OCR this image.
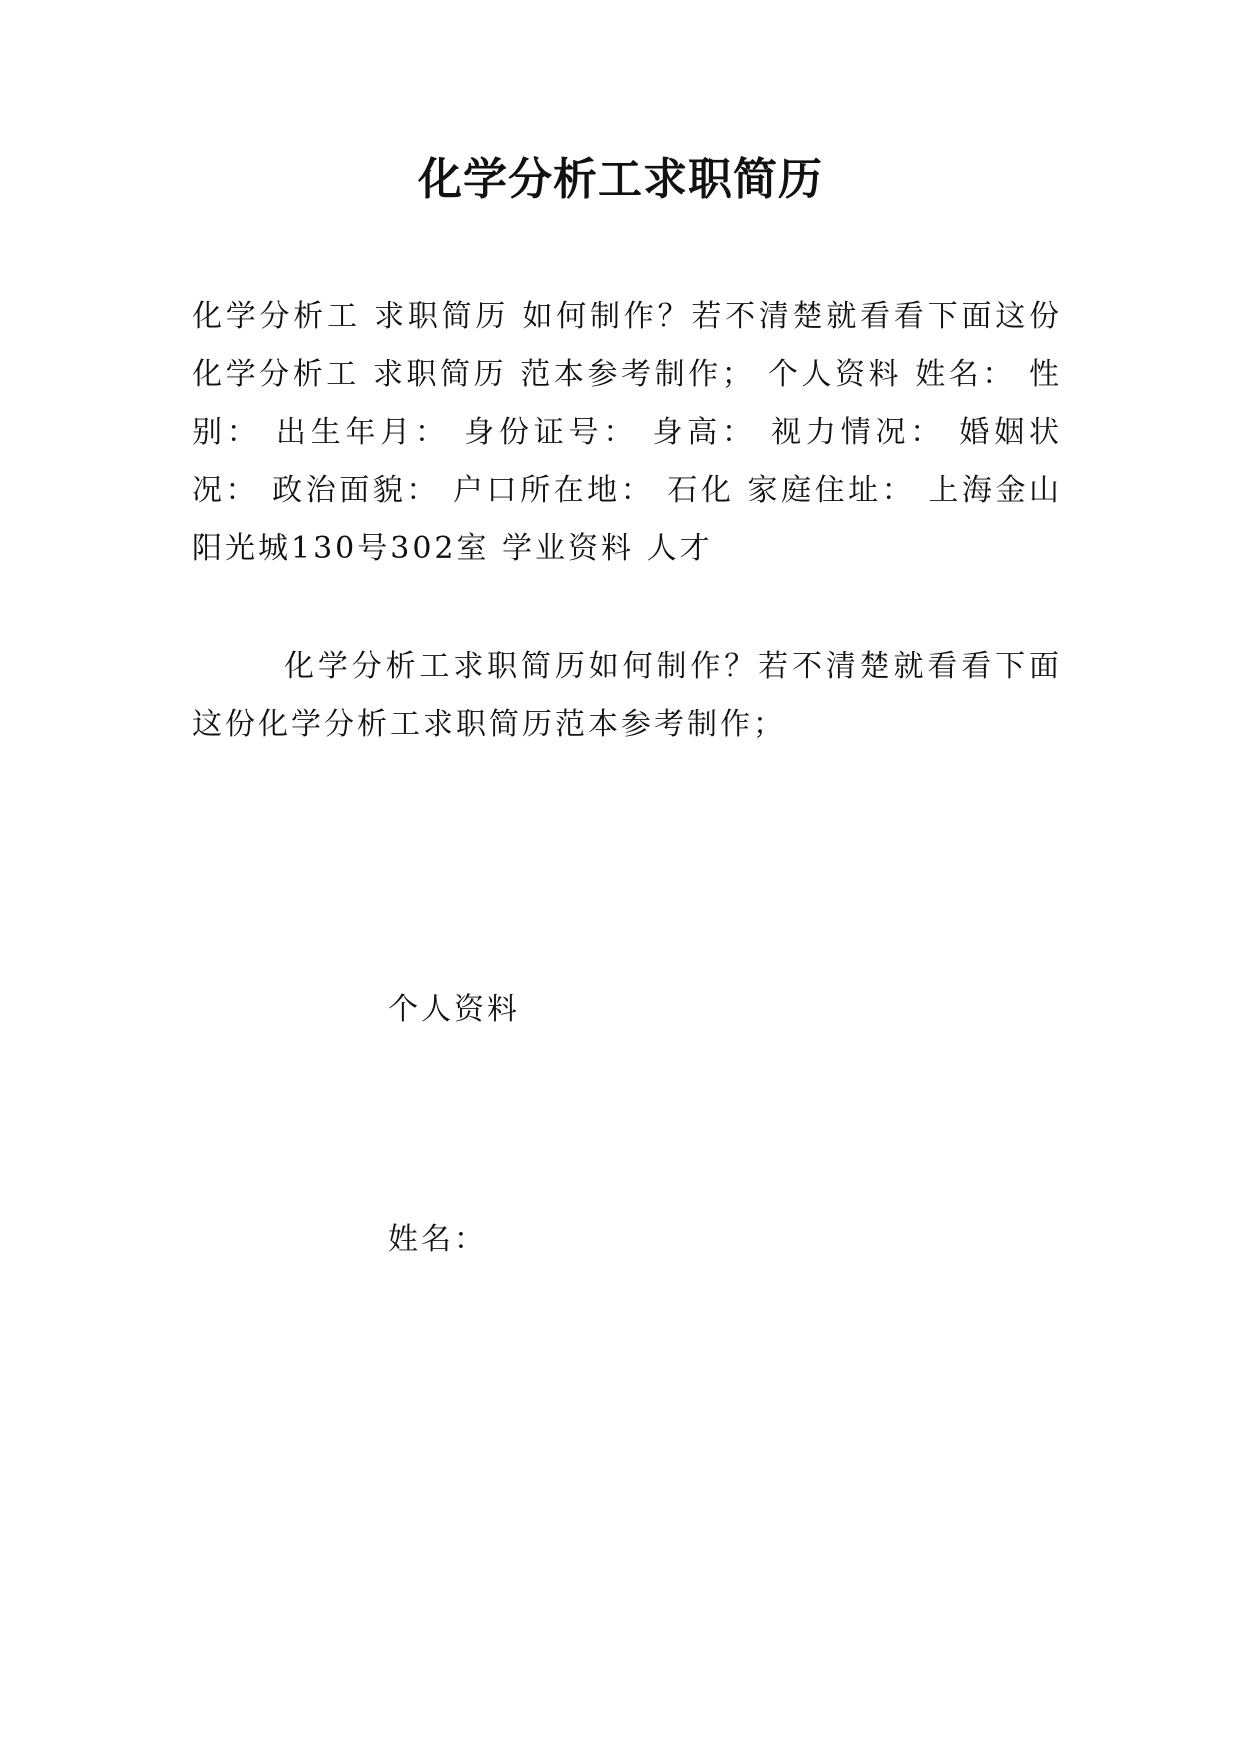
化学分析工求职简历

化学分析工 求职简历 如何制作？若不清楚就看看下面这份化学分析工 求职简历 范本参考制作； 个人资料 姓名： 性别： 出生年月： 身份证号： 身高： 视力情况： 婚姻状况： 政治面貌： 户口所在地： 石化 家庭住址： 上海金山阳光城130号302室 学业资料 人才

化学分析工求职简历如何制作？若不清楚就看看下面这份化学分析工求职简历范本参考制作；

个人资料

姓名：
